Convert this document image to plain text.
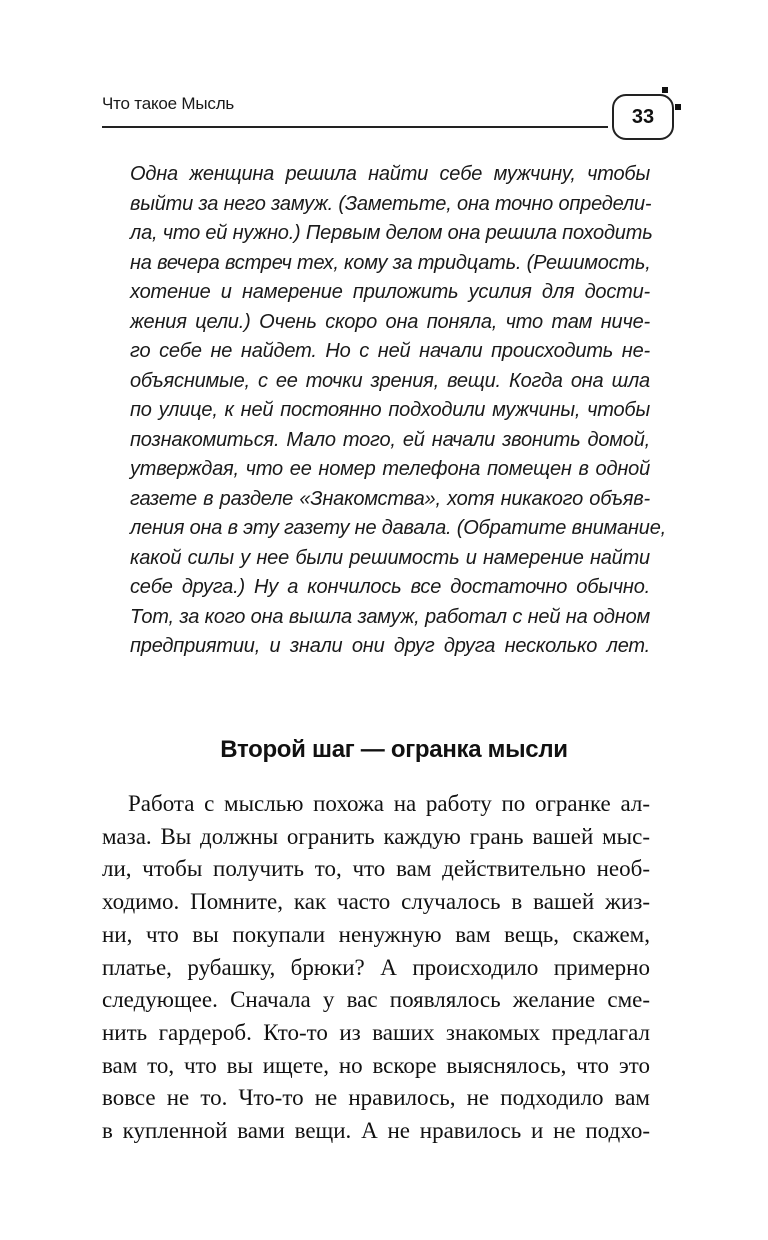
Что такое Мысль
33
Одна женщина решила найти себе мужчину, чтобы
выйти за него замуж. (Заметьте, она точно определи-
ла, что ей нужно.) Первым делом она решила походить
на вечера встреч тех, кому за тридцать. (Решимость,
хотение и намерение приложить усилия для дости-
жения цели.) Очень скоро она поняла, что там ниче-
го себе не найдет. Но с ней начали происходить не-
объяснимые, с ее точки зрения, вещи. Когда она шла
по улице, к ней постоянно подходили мужчины, чтобы
познакомиться. Мало того, ей начали звонить домой,
утверждая, что ее номер телефона помещен в одной
газете в разделе «Знакомства», хотя никакого объяв-
ления она в эту газету не давала. (Обратите внимание,
какой силы у нее были решимость и намерение найти
себе друга.) Ну а кончилось все достаточно обычно.
Тот, за кого она вышла замуж, работал с ней на одном
предприятии, и знали они друг друга несколько лет.
Второй шаг — огранка мысли
Работа с мыслью похожа на работу по огранке ал-
маза. Вы должны огранить каждую грань вашей мыс-
ли, чтобы получить то, что вам действительно необ-
ходимо. Помните, как часто случалось в вашей жиз-
ни, что вы покупали ненужную вам вещь, скажем,
платье, рубашку, брюки? А происходило примерно
следующее. Сначала у вас появлялось желание сме-
нить гардероб. Кто-то из ваших знакомых предлагал
вам то, что вы ищете, но вскоре выяснялось, что это
вовсе не то. Что-то не нравилось, не подходило вам
в купленной вами вещи. А не нравилось и не подхо-
